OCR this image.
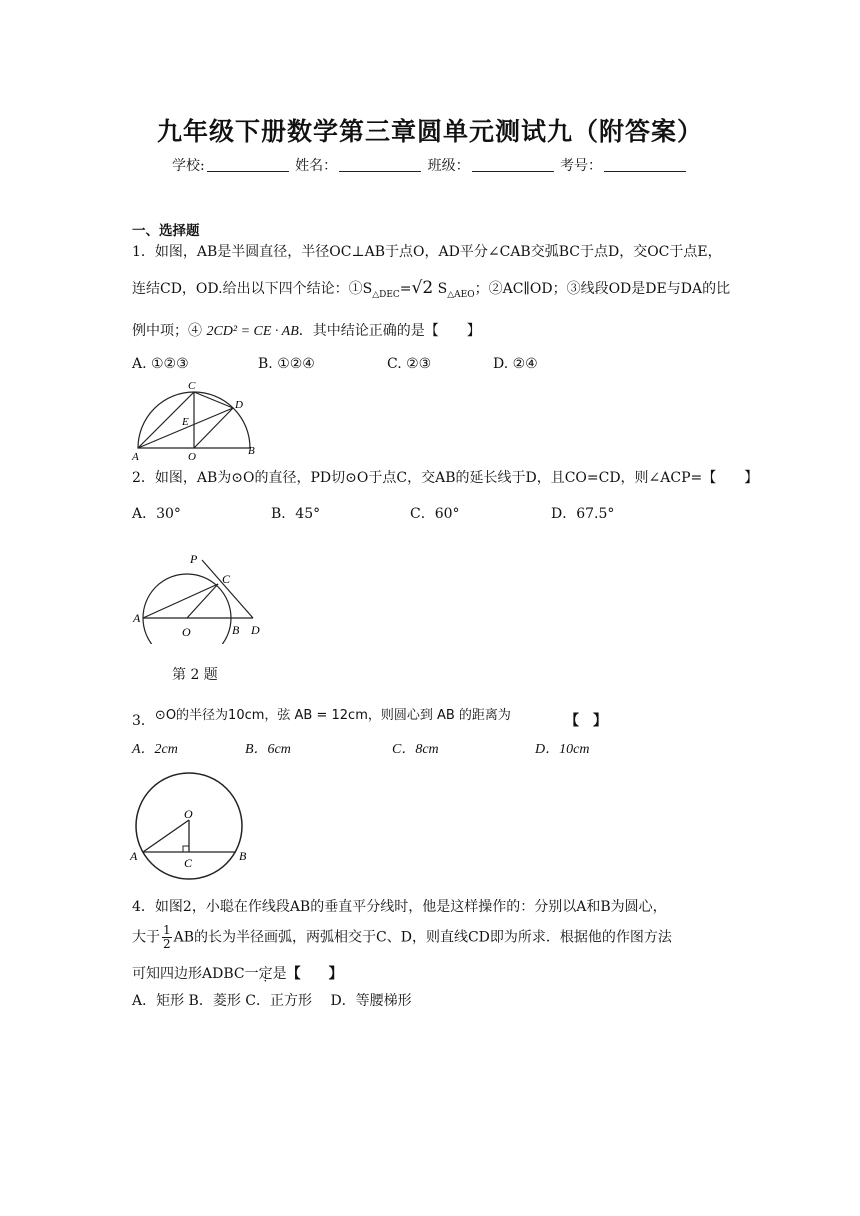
九年级下册数学第三章圆单元测试九（附答案）
学校:	姓名：	班级：	考号：
一、选择题
1．如图，AB是半圆直径，半径OC⊥AB于点O，AD平分∠CAB交弧BC于点D，交OC于点E，
连结CD，OD.给出以下四个结论：$①S_{\triangle DEC}=√2$ $S_{\triangle AEO}$；②AC∥OD；③线段OD是DE与DA的比
例中项；④ 2CD² = CE · AB．其中结论正确的是【　　】
A. ①②③	B. ①②④	C. ②③	D. ②④
C
D
E
A	O	B
2．如图，AB为⊙O的直径，PD切⊙O于点C，交AB的延长线于D，且CO=CD，则∠ACP=【　　】
A．30°	B．45°	C．60°	D．67.5°
P
C
A
O	B D
第 2 题
3．⊙O的半径为10cm，弦 AB = 12cm，则圆心到 AB 的距离为	【　】
A．2cm	B．6cm	C．8cm	D．10cm
O
A	C	B
4．如图2，小聪在作线段AB的垂直平分线时，他是这样操作的：分别以A和B为圆心，
大于 $\frac{1}{2}$ AB的长为半径画弧，两弧相交于C、D，则直线CD即为所求．根据他的作图方法
可知四边形ADBC一定是【　　】
A．矩形 B．菱形 C．正方形　 D．等腰梯形
